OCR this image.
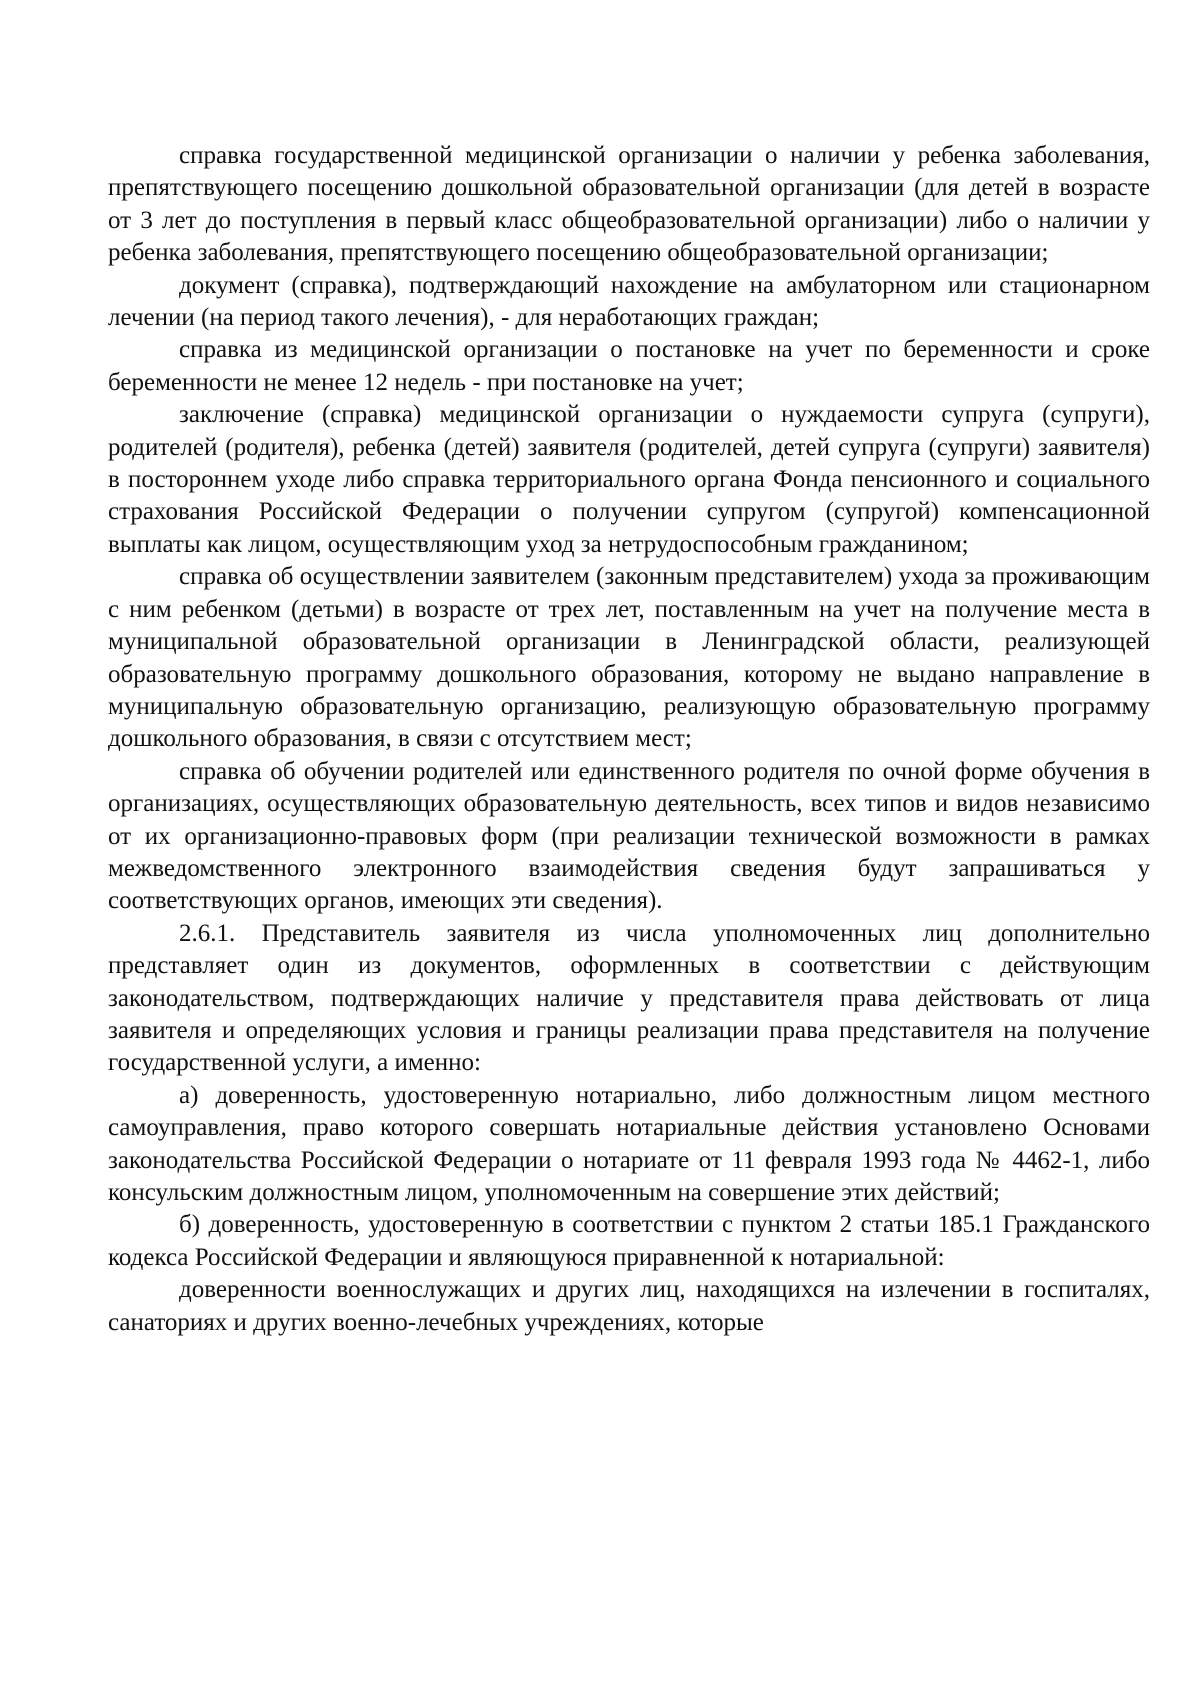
справка государственной медицинской организации о наличии у ребенка заболевания, препятствующего посещению дошкольной образовательной организации (для детей в возрасте от 3 лет до поступления в первый класс общеобразовательной организации) либо о наличии у ребенка заболевания, препятствующего посещению общеобразовательной организации;

документ (справка), подтверждающий нахождение на амбулаторном или стационарном лечении (на период такого лечения), - для неработающих граждан;

справка из медицинской организации о постановке на учет по беременности и сроке беременности не менее 12 недель - при постановке на учет;

заключение (справка) медицинской организации о нуждаемости супруга (супруги), родителей (родителя), ребенка (детей) заявителя (родителей, детей супруга (супруги) заявителя) в постороннем уходе либо справка территориального органа Фонда пенсионного и социального страхования Российской Федерации о получении супругом (супругой) компенсационной выплаты как лицом, осуществляющим уход за нетрудоспособным гражданином;

справка об осуществлении заявителем (законным представителем) ухода за проживающим с ним ребенком (детьми) в возрасте от трех лет, поставленным на учет на получение места в муниципальной образовательной организации в Ленинградской области, реализующей образовательную программу дошкольного образования, которому не выдано направление в муниципальную образовательную организацию, реализующую образовательную программу дошкольного образования, в связи с отсутствием мест;

справка об обучении родителей или единственного родителя по очной форме обучения в организациях, осуществляющих образовательную деятельность, всех типов и видов независимо от их организационно-правовых форм (при реализации технической возможности в рамках межведомственного электронного взаимодействия сведения будут запрашиваться у соответствующих органов, имеющих эти сведения).

2.6.1. Представитель заявителя из числа уполномоченных лиц дополнительно представляет один из документов, оформленных в соответствии с действующим законодательством, подтверждающих наличие у представителя права действовать от лица заявителя и определяющих условия и границы реализации права представителя на получение государственной услуги, а именно:

а) доверенность, удостоверенную нотариально, либо должностным лицом местного самоуправления, право которого совершать нотариальные действия установлено Основами законодательства Российской Федерации о нотариате от 11 февраля 1993 года № 4462-1, либо консульским должностным лицом, уполномоченным на совершение этих действий;

б) доверенность, удостоверенную в соответствии с пунктом 2 статьи 185.1 Гражданского кодекса Российской Федерации и являющуюся приравненной к нотариальной:

доверенности военнослужащих и других лиц, находящихся на излечении в госпиталях, санаториях и других военно-лечебных учреждениях, которые
